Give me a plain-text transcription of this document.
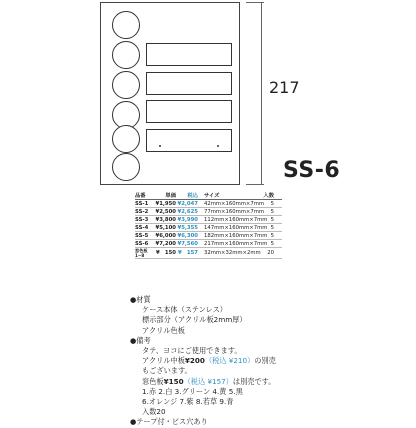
217
SS-6
品番	単価	税込	サイズ	入数
SS-1	¥1,950 ¥2,047	42mm×160mm×7mm	5
SS-2	¥2,500 ¥2,625	77mm×160mm×7mm	5
SS-3	¥3,800 ¥3,990	112mm×160mm×7mm 5
SS-4	¥5,100 ¥5,355	147mm×160mm×7mm 5
SS-5	¥6,000 ¥6,300	182mm×160mm×7mm 5
SS-6	¥7,200 ¥7,560	217mm×160mm×7mm 5
窓色板 1~8	¥　150 ¥　157	32mm×32mm×2mm	20
● 材質
ケース本体（ステンレス）
標示部分（アクリル板2mm厚）
アクリル色板
● 備考
タテ、ヨコにご使用できます。
アクリル中板¥200（税込 ¥210）の別売
もございます。
窓色板¥150（税込 ¥157）は別売です。
1.赤 2.白 3.グリーン 4.黄 5.黒
6.オレンジ 7.紫 8.若草 9.青
入数20
● テープ付・ビス穴あり
